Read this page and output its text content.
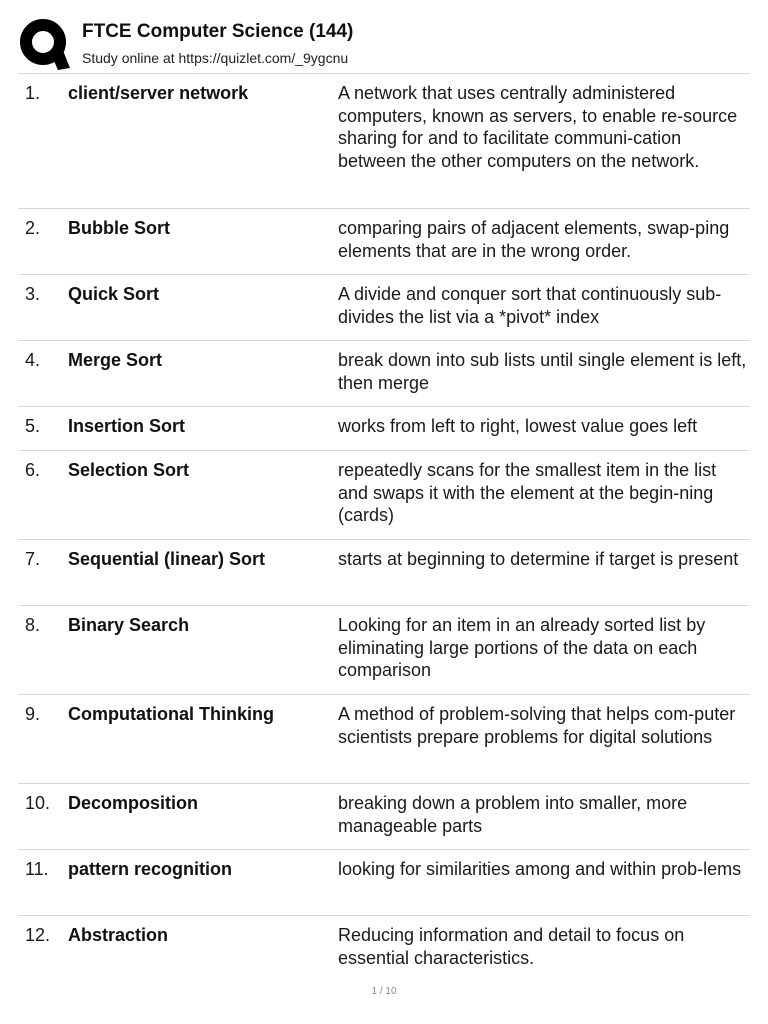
FTCE Computer Science (144)
Study online at https://quizlet.com/_9ygcnu
1. client/server network	A network that uses centrally administered computers, known as servers, to enable re-source sharing for and to facilitate communi-cation between the other computers on the network.
2. Bubble Sort	comparing pairs of adjacent elements, swap-ping elements that are in the wrong order.
3. Quick Sort	A divide and conquer sort that continuously sub-divides the list via a *pivot* index
4. Merge Sort	break down into sub lists until single element is left, then merge
5. Insertion Sort	works from left to right, lowest value goes left
6. Selection Sort	repeatedly scans for the smallest item in the list and swaps it with the element at the begin-ning (cards)
7. Sequential (linear) Sort	starts at beginning to determine if target is present
8. Binary Search	Looking for an item in an already sorted list by eliminating large portions of the data on each comparison
9. Computational Thinking	A method of problem-solving that helps com-puter scientists prepare problems for digital solutions
10. Decomposition	breaking down a problem into smaller, more manageable parts
11. pattern recognition	looking for similarities among and within prob-lems
12. Abstraction	Reducing information and detail to focus on essential characteristics.
1 / 10
